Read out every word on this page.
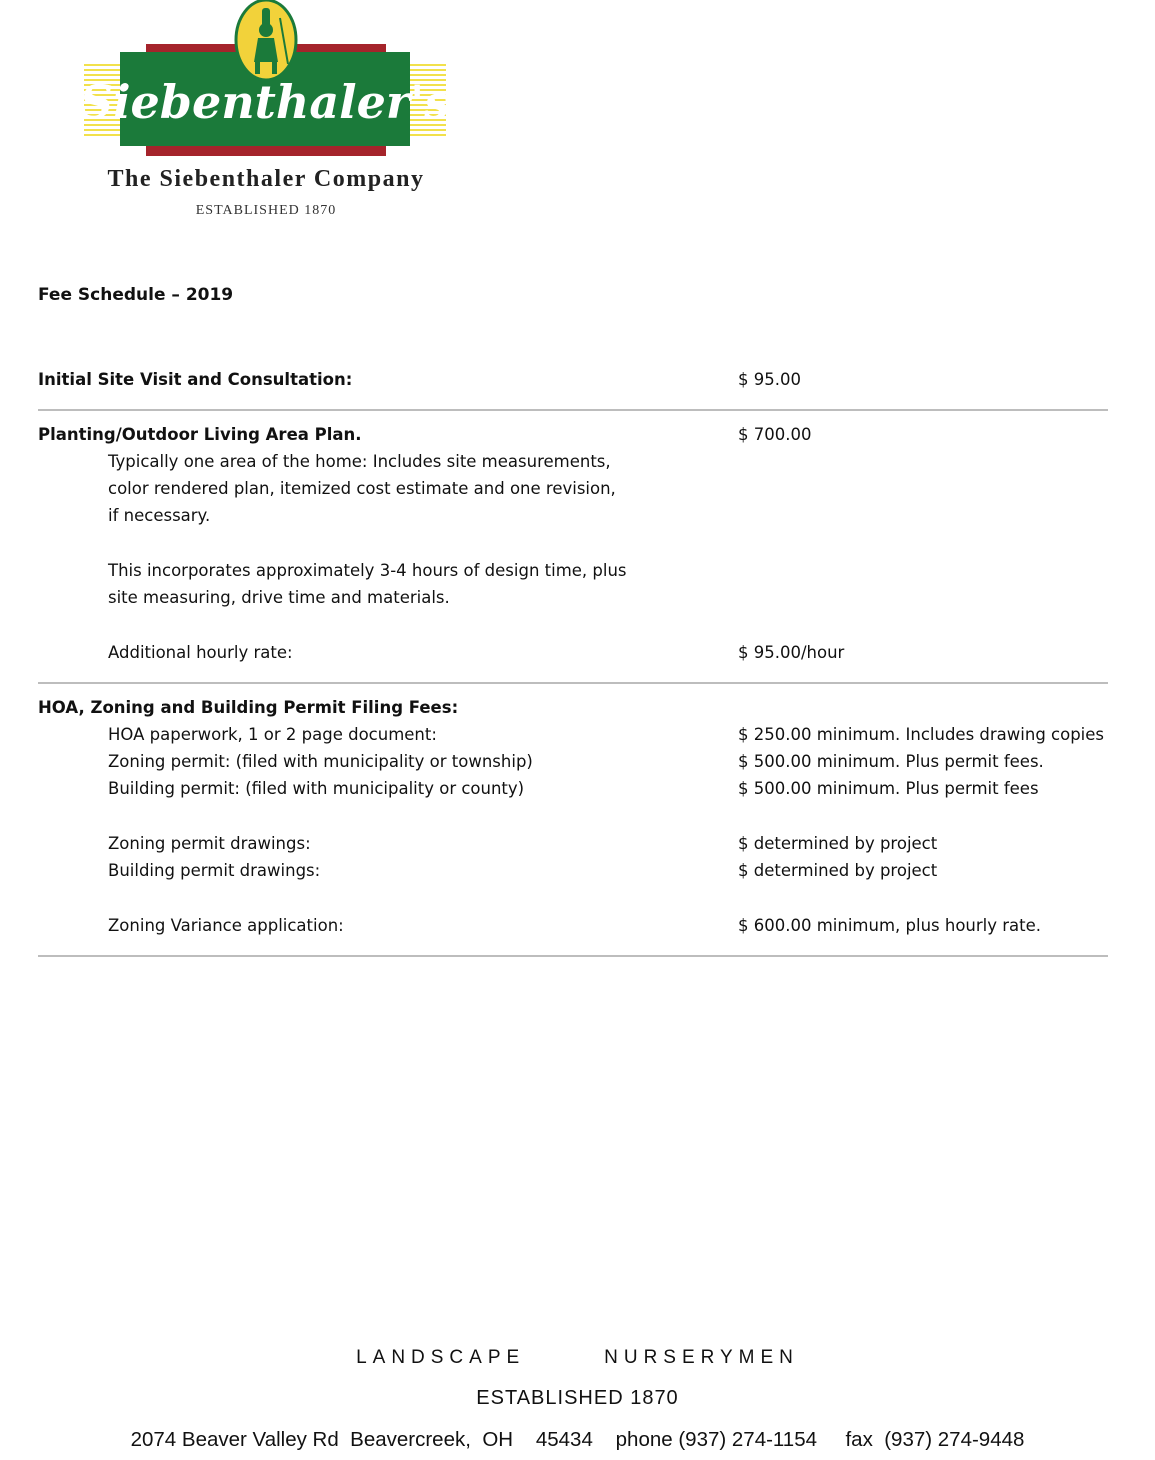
Siebenthaler's
The Siebenthaler Company
ESTABLISHED 1870
Fee Schedule – 2019
Initial Site Visit and Consultation:	$ 95.00
Planting/Outdoor Living Area Plan.	$ 700.00
Typically one area of the home: Includes site measurements,
color rendered plan, itemized cost estimate and one revision,
if necessary.
This incorporates approximately 3-4 hours of design time, plus
site measuring, drive time and materials.
Additional hourly rate:	$ 95.00/hour
HOA, Zoning and Building Permit Filing Fees:
HOA paperwork, 1 or 2 page document:	$ 250.00 minimum. Includes drawing copies
Zoning permit: (filed with municipality or township)	$ 500.00 minimum. Plus permit fees.
Building permit: (filed with municipality or county)	$ 500.00 minimum. Plus permit fees
Zoning permit drawings:	$ determined by project
Building permit drawings:	$ determined by project
Zoning Variance application:	$ 600.00 minimum, plus hourly rate.
LANDSCAPE       NURSERYMEN
ESTABLISHED 1870
2074 Beaver Valley Rd  Beavercreek,  OH    45434    phone (937) 274-1154     fax  (937) 274-9448
